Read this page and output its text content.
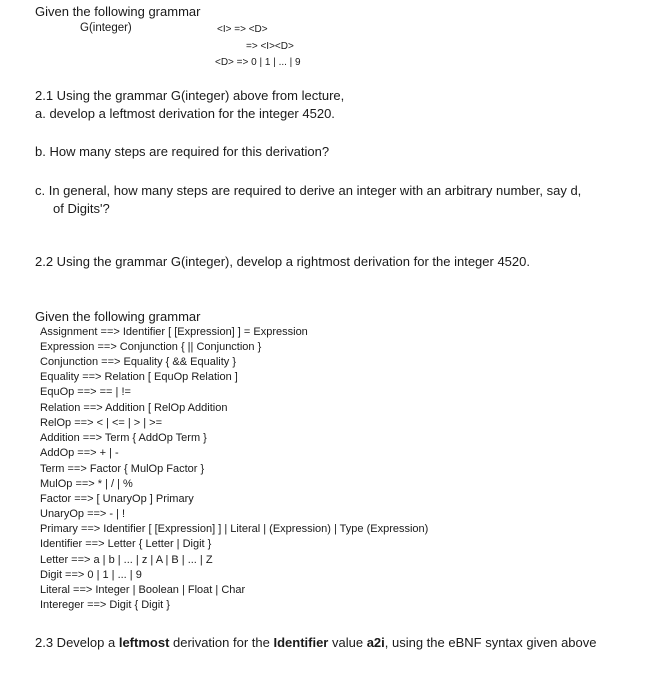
Given the following grammar
G(integer)	<I> => <D>
=> <I><D>
<D> => 0 | 1 | ... | 9
2.1 Using the grammar G(integer) above from lecture,
a. develop a leftmost derivation for the integer 4520.
b. How many steps are required for this derivation?
c. In general, how many steps are required to derive an integer with an arbitrary number, say d,
of Digits'?
2.2 Using the grammar G(integer), develop a rightmost derivation for the integer 4520.
Given the following grammar
Assignment ==> Identifier [ [Expression] ] = Expression
Expression ==> Conjunction { || Conjunction }
Conjunction ==> Equality { && Equality }
Equality ==> Relation [ EquOp Relation ]
EquOp ==> == | !=
Relation ==> Addition [ RelOp Addition
RelOp ==> < | <= | > | >=
Addition ==> Term { AddOp Term }
AddOp ==> + | -
Term ==> Factor { MulOp Factor }
MulOp ==> * | / | %
Factor ==> [ UnaryOp ] Primary
UnaryOp ==> - | !
Primary ==> Identifier [ [Expression] ] | Literal | (Expression) | Type (Expression)
Identifier ==> Letter { Letter | Digit }
Letter ==> a | b | ... | z | A | B | ... | Z
Digit ==> 0 | 1 | ... | 9
Literal ==> Integer | Boolean | Float | Char
Intereger ==> Digit { Digit }
2.3 Develop a leftmost derivation for the Identifier value a2i, using the eBNF syntax given above
